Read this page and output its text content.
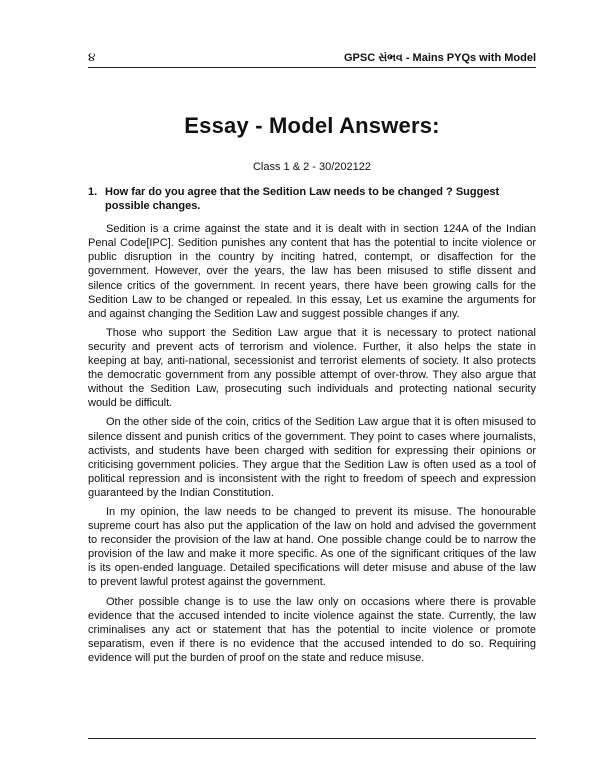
૪	GPSC સંભવ - Mains PYQs with Model
Essay - Model Answers:
Class 1 & 2 - 30/202122
1. How far do you agree that the Sedition Law needs to be changed ? Suggest possible changes.

Sedition is a crime against the state and it is dealt with in section 124A of the Indian Penal Code[IPC]. Sedition punishes any content that has the potential to incite violence or public disruption in the country by inciting hatred, contempt, or disaffection for the government. However, over the years, the law has been misused to stifle dissent and silence critics of the government. In recent years, there have been growing calls for the Sedition Law to be changed or repealed. In this essay, Let us examine the arguments for and against changing the Sedition Law and suggest possible changes if any.

Those who support the Sedition Law argue that it is necessary to protect national security and prevent acts of terrorism and violence. Further, it also helps the state in keeping at bay, anti-national, secessionist and terrorist elements of society. It also protects the democratic government from any possible attempt of over-throw. They also argue that without the Sedition Law, prosecuting such individuals and protecting national security would be difficult.

On the other side of the coin, critics of the Sedition Law argue that it is often misused to silence dissent and punish critics of the government. They point to cases where journalists, activists, and students have been charged with sedition for expressing their opinions or criticising government policies. They argue that the Sedition Law is often used as a tool of political repression and is inconsistent with the right to freedom of speech and expression guaranteed by the Indian Constitution.

In my opinion, the law needs to be changed to prevent its misuse. The honourable supreme court has also put the application of the law on hold and advised the government to reconsider the provision of the law at hand. One possible change could be to narrow the provision of the law and make it more specific. As one of the significant critiques of the law is its open-ended language. Detailed specifications will deter misuse and abuse of the law to prevent lawful protest against the government.

Other possible change is to use the law only on occasions where there is provable evidence that the accused intended to incite violence against the state. Currently, the law criminalises any act or statement that has the potential to incite violence or promote separatism, even if there is no evidence that the accused intended to do so. Requiring evidence will put the burden of proof on the state and reduce misuse.
